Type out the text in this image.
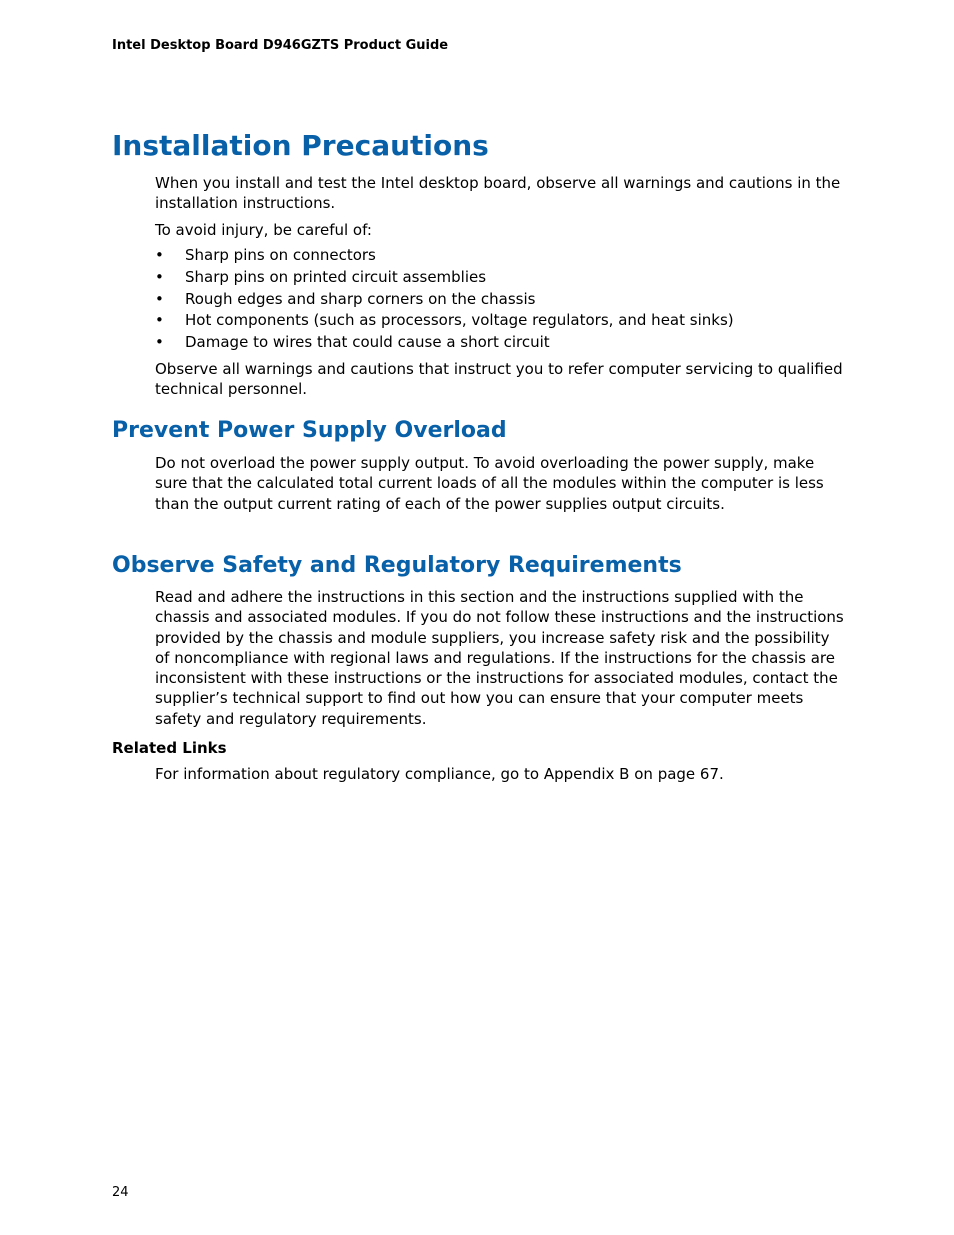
Intel Desktop Board D946GZTS Product Guide
Installation Precautions

When you install and test the Intel desktop board, observe all warnings and cautions in the installation instructions.

To avoid injury, be careful of:

• Sharp pins on connectors
• Sharp pins on printed circuit assemblies
• Rough edges and sharp corners on the chassis
• Hot components (such as processors, voltage regulators, and heat sinks)
• Damage to wires that could cause a short circuit

Observe all warnings and cautions that instruct you to refer computer servicing to qualified technical personnel.

Prevent Power Supply Overload

Do not overload the power supply output. To avoid overloading the power supply, make sure that the calculated total current loads of all the modules within the computer is less than the output current rating of each of the power supplies output circuits.

Observe Safety and Regulatory Requirements

Read and adhere the instructions in this section and the instructions supplied with the chassis and associated modules. If you do not follow these instructions and the instructions provided by the chassis and module suppliers, you increase safety risk and the possibility of noncompliance with regional laws and regulations. If the instructions for the chassis are inconsistent with these instructions or the instructions for associated modules, contact the supplier’s technical support to find out how you can ensure that your computer meets safety and regulatory requirements.

Related Links

For information about regulatory compliance, go to Appendix B on page 67.

24
